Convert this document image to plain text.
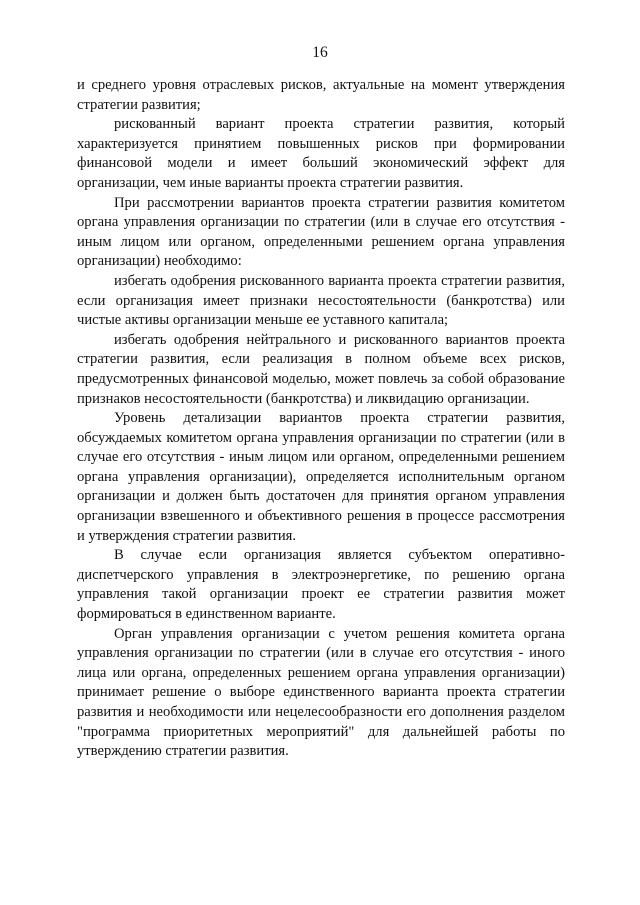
16

и среднего уровня отраслевых рисков, актуальные на момент утверждения стратегии развития;

рискованный вариант проекта стратегии развития, который характеризуется принятием повышенных рисков при формировании финансовой модели и имеет больший экономический эффект для организации, чем иные варианты проекта стратегии развития.

При рассмотрении вариантов проекта стратегии развития комитетом органа управления организации по стратегии (или в случае его отсутствия - иным лицом или органом, определенными решением органа управления организации) необходимо:

избегать одобрения рискованного варианта проекта стратегии развития, если организация имеет признаки несостоятельности (банкротства) или чистые активы организации меньше ее уставного капитала;

избегать одобрения нейтрального и рискованного вариантов проекта стратегии развития, если реализация в полном объеме всех рисков, предусмотренных финансовой моделью, может повлечь за собой образование признаков несостоятельности (банкротства) и ликвидацию организации.

Уровень детализации вариантов проекта стратегии развития, обсуждаемых комитетом органа управления организации по стратегии (или в случае его отсутствия - иным лицом или органом, определенными решением органа управления организации), определяется исполнительным органом организации и должен быть достаточен для принятия органом управления организации взвешенного и объективного решения в процессе рассмотрения и утверждения стратегии развития.

В случае если организация является субъектом оперативно-диспетчерского управления в электроэнергетике, по решению органа управления такой организации проект ее стратегии развития может формироваться в единственном варианте.

Орган управления организации с учетом решения комитета органа управления организации по стратегии (или в случае его отсутствия - иного лица или органа, определенных решением органа управления организации) принимает решение о выборе единственного варианта проекта стратегии развития и необходимости или нецелесообразности его дополнения разделом "программа приоритетных мероприятий" для дальнейшей работы по утверждению стратегии развития.
